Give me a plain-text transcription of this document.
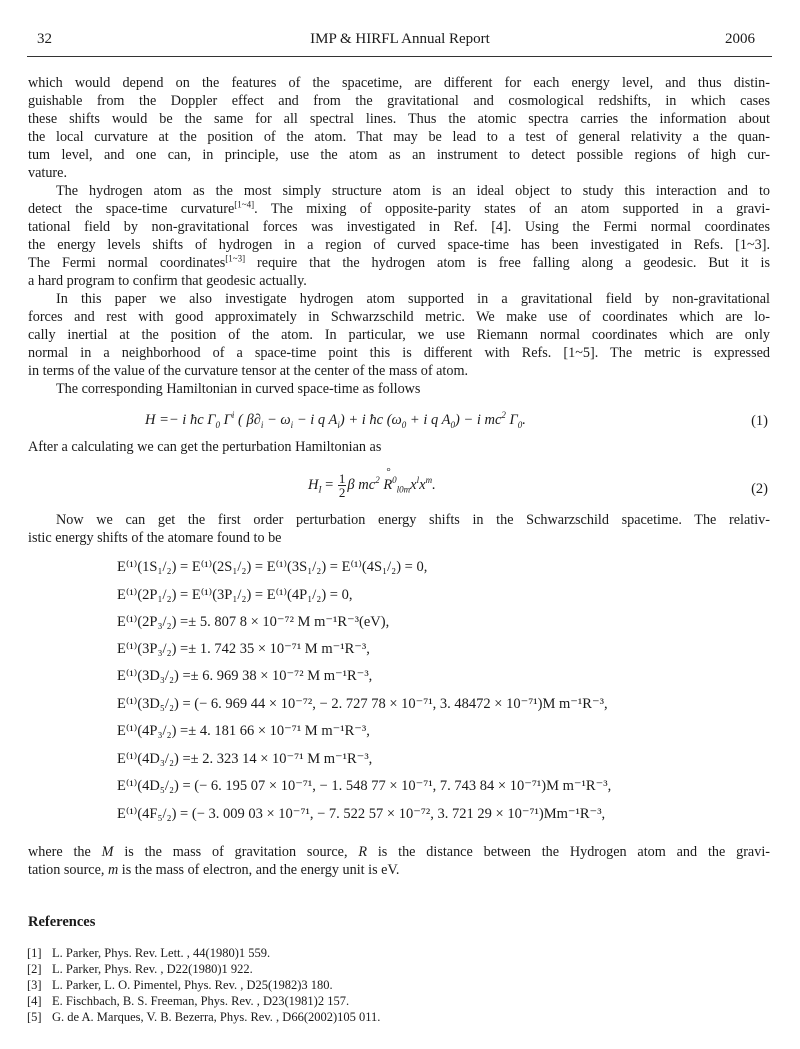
32	IMP & HIRFL Annual Report	2006
which would depend on the features of the spacetime, are different for each energy level, and thus distin-
guishable from the Doppler effect and from the gravitational and cosmological redshifts, in which cases
these shifts would be the same for all spectral lines. Thus the atomic spectra carries the information about
the local curvature at the position of the atom. That may be lead to a test of general relativity a the quan-
tum level, and one can, in principle, use the atom as an instrument to detect possible regions of high cur-
vature.
The hydrogen atom as the most simply structure atom is an ideal object to study this interaction and to
detect the space-time curvature[1~4]. The mixing of opposite-parity states of an atom supported in a gravi-
tational field by non-gravitational forces was investigated in Ref. [4]. Using the Fermi normal coordinates
the energy levels shifts of hydrogen in a region of curved space-time has been investigated in Refs. [1~3].
The Fermi normal coordinates[1~3] require that the hydrogen atom is free falling along a geodesic. But it is
a hard program to confirm that geodesic actually.
In this paper we also investigate hydrogen atom supported in a gravitational field by non-gravitational
forces and rest with good approximately in Schwarzschild metric. We make use of coordinates which are lo-
cally inertial at the position of the atom. In particular, we use Riemann normal coordinates which are only
normal in a neighborhood of a space-time point this is different with Refs. [1~5]. The metric is expressed
in terms of the value of the curvature tensor at the center of the mass of atom.
The corresponding Hamiltonian in curved space-time as follows
H =− i ħc $\Gamma_0$ $\Gamma^i$ ( $\beta\partial_i - \omega_i - i$ q $A_i) + i$ ħc ($\omega_0 + i$ q $A_0) - i$ $mc^2$ $\Gamma_0$.	(1)
After a calculating we can get the perturbation Hamiltonian as
$H_I = \frac{1}{2}$ β $mc^2$ ° $R^0_{l0m}x^lx^m$.	(2)
Now we can get the first order perturbation energy shifts in the Schwarzschild spacetime. The relativ-
istic energy shifts of the atomare found to be
E⁽¹⁾(1S₁/₂) = E⁽¹⁾(2S₁/₂) = E⁽¹⁾(3S₁/₂) = E⁽¹⁾(4S₁/₂) = 0,
E⁽¹⁾(2P₁/₂) = E⁽¹⁾(3P₁/₂) = E⁽¹⁾(4P₁/₂) = 0,
E⁽¹⁾(2P₃/₂) =± 5. 807 8 × 10⁻⁷² M m⁻¹R⁻³(eV),
E⁽¹⁾(3P₃/₂) =± 1. 742 35 × 10⁻⁷¹ M m⁻¹R⁻³,
E⁽¹⁾(3D₃/₂) =± 6. 969 38 × 10⁻⁷² M m⁻¹R⁻³,
E⁽¹⁾(3D₅/₂) = (− 6. 969 44 × 10⁻⁷², − 2. 727 78 × 10⁻⁷¹, 3. 48472 × 10⁻⁷¹)M m⁻¹R⁻³,
E⁽¹⁾(4P₃/₂) =± 4. 181 66 × 10⁻⁷¹ M m⁻¹R⁻³,
E⁽¹⁾(4D₃/₂) =± 2. 323 14 × 10⁻⁷¹ M m⁻¹R⁻³,
E⁽¹⁾(4D₅/₂) = (− 6. 195 07 × 10⁻⁷¹, − 1. 548 77 × 10⁻⁷¹, 7. 743 84 × 10⁻⁷¹)M m⁻¹R⁻³,
E⁽¹⁾(4F₅/₂) = (− 3. 009 03 × 10⁻⁷¹, − 7. 522 57 × 10⁻⁷², 3. 721 29 × 10⁻⁷¹)Mm⁻¹R⁻³,
where the M is the mass of gravitation source, R is the distance between the Hydrogen atom and the gravi-
tation source, m is the mass of electron, and the energy unit is eV.
References
[1] L. Parker, Phys. Rev. Lett. , 44(1980)1 559.
[2] L. Parker, Phys. Rev. , D22(1980)1 922.
[3] L. Parker, L. O. Pimentel, Phys. Rev. , D25(1982)3 180.
[4] E. Fischbach, B. S. Freeman, Phys. Rev. , D23(1981)2 157.
[5] G. de A. Marques, V. B. Bezerra, Phys. Rev. , D66(2002)105 011.
